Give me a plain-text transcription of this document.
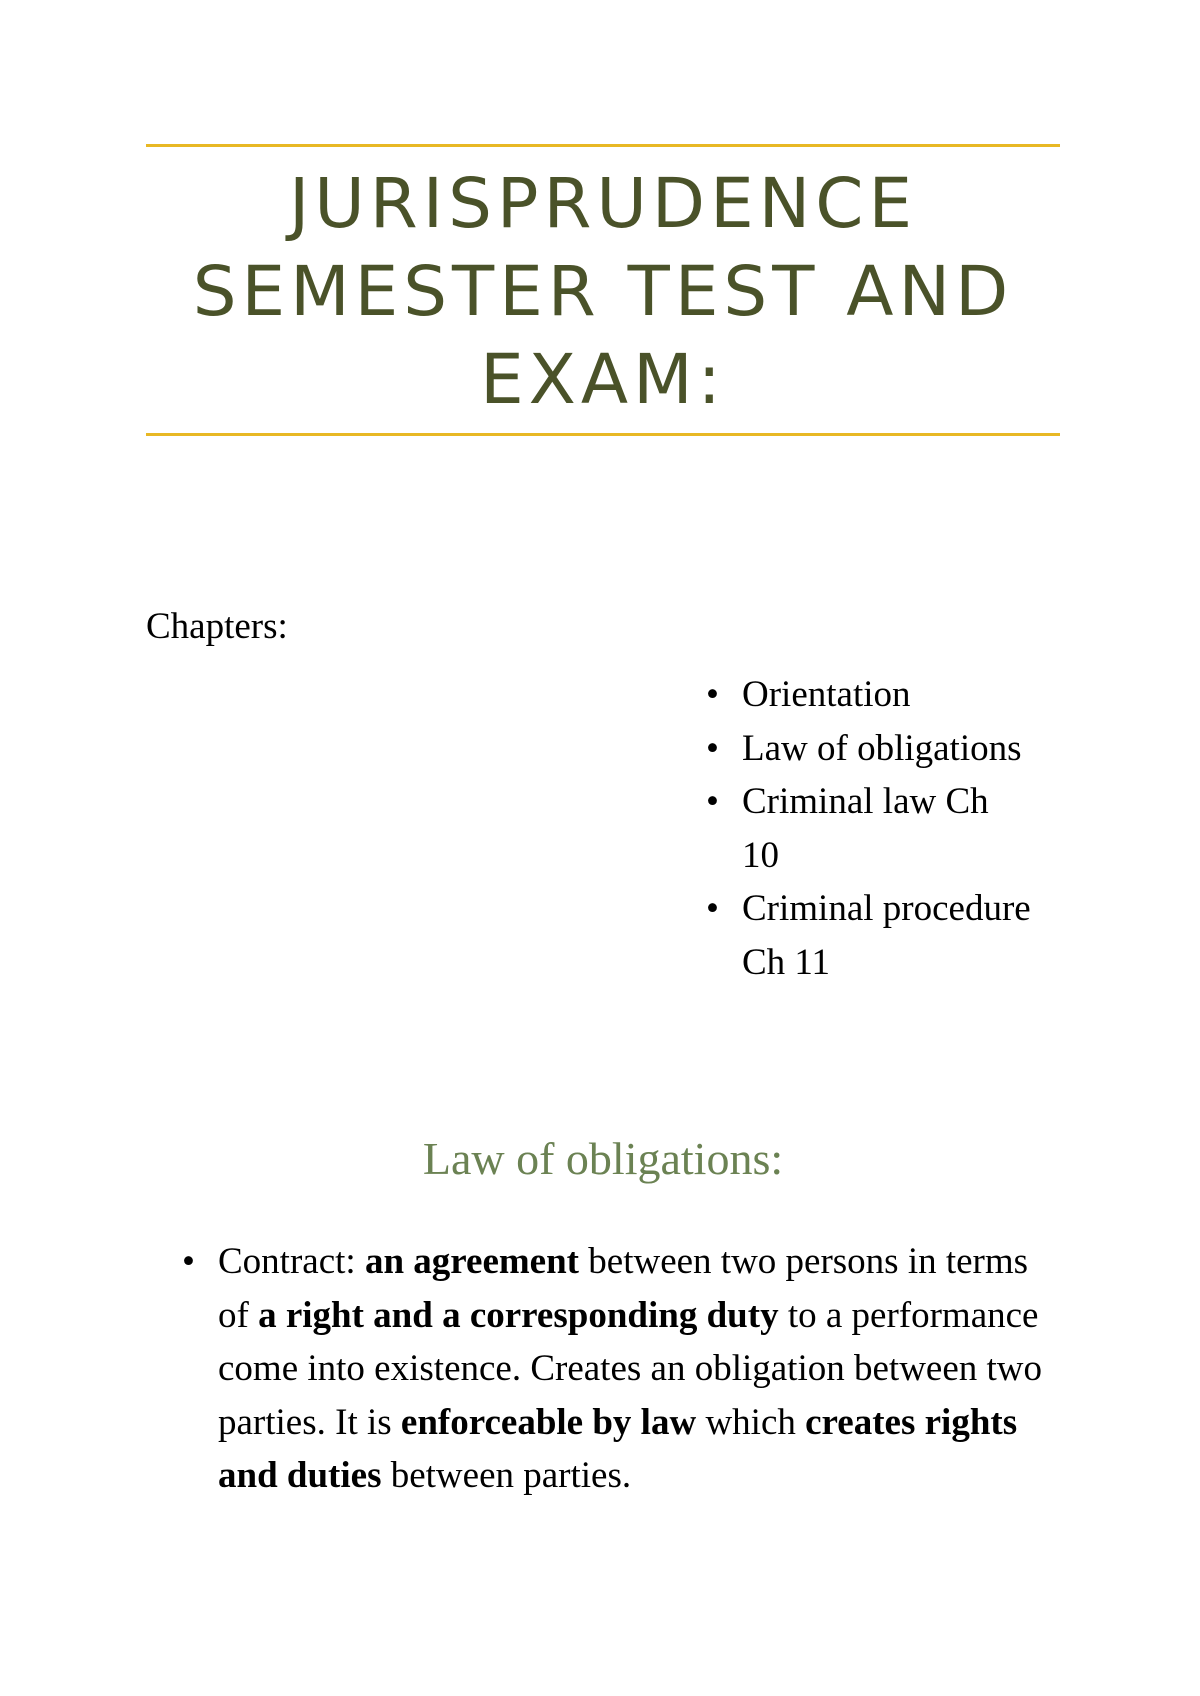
JURISPRUDENCE
SEMESTER TEST AND
EXAM:

Chapters:

• Orientation
• Law of obligations
• Criminal law Ch
10
• Criminal procedure
Ch 11
Law of obligations:
• Contract: an agreement between two persons in terms of a right and a corresponding duty to a performance come into existence. Creates an obligation between two parties. It is enforceable by law which creates rights and duties between parties.
